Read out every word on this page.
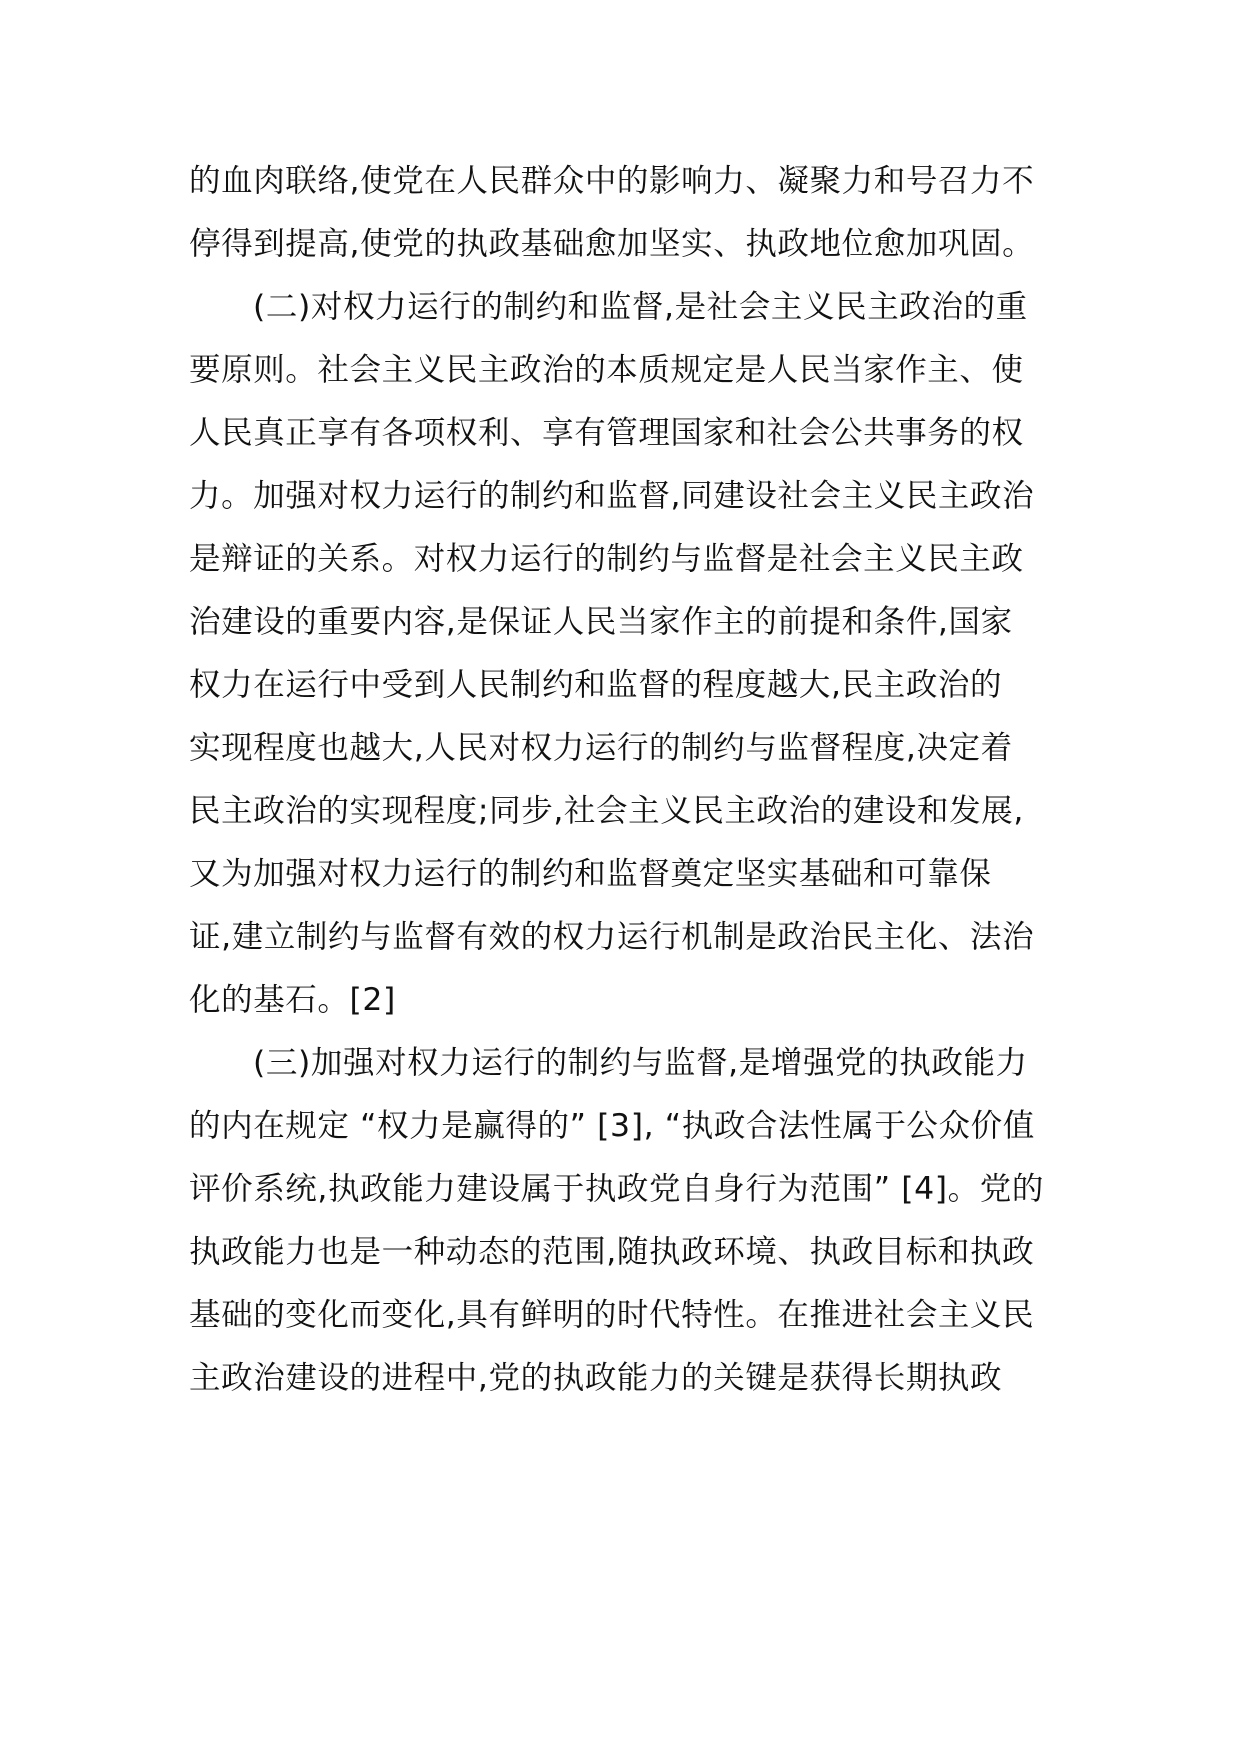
的血肉联络,使党在人民群众中的影响力、凝聚力和号召力不
停得到提高,使党的执政基础愈加坚实、执政地位愈加巩固。
(二)对权力运行的制约和监督,是社会主义民主政治的重
要原则。社会主义民主政治的本质规定是人民当家作主、使
人民真正享有各项权利、享有管理国家和社会公共事务的权
力。加强对权力运行的制约和监督,同建设社会主义民主政治
是辩证的关系。对权力运行的制约与监督是社会主义民主政
治建设的重要内容,是保证人民当家作主的前提和条件,国家
权力在运行中受到人民制约和监督的程度越大,民主政治的
实现程度也越大,人民对权力运行的制约与监督程度,决定着
民主政治的实现程度;同步,社会主义民主政治的建设和发展,
又为加强对权力运行的制约和监督奠定坚实基础和可靠保
证,建立制约与监督有效的权力运行机制是政治民主化、法治
化的基石。[2]
(三)加强对权力运行的制约与监督,是增强党的执政能力
的内在规定 “权力是赢得的” [3], “执政合法性属于公众价值
评价系统,执政能力建设属于执政党自身行为范围” [4]。党的
执政能力也是一种动态的范围,随执政环境、执政目标和执政
基础的变化而变化,具有鲜明的时代特性。在推进社会主义民
主政治建设的进程中,党的执政能力的关键是获得长期执政
